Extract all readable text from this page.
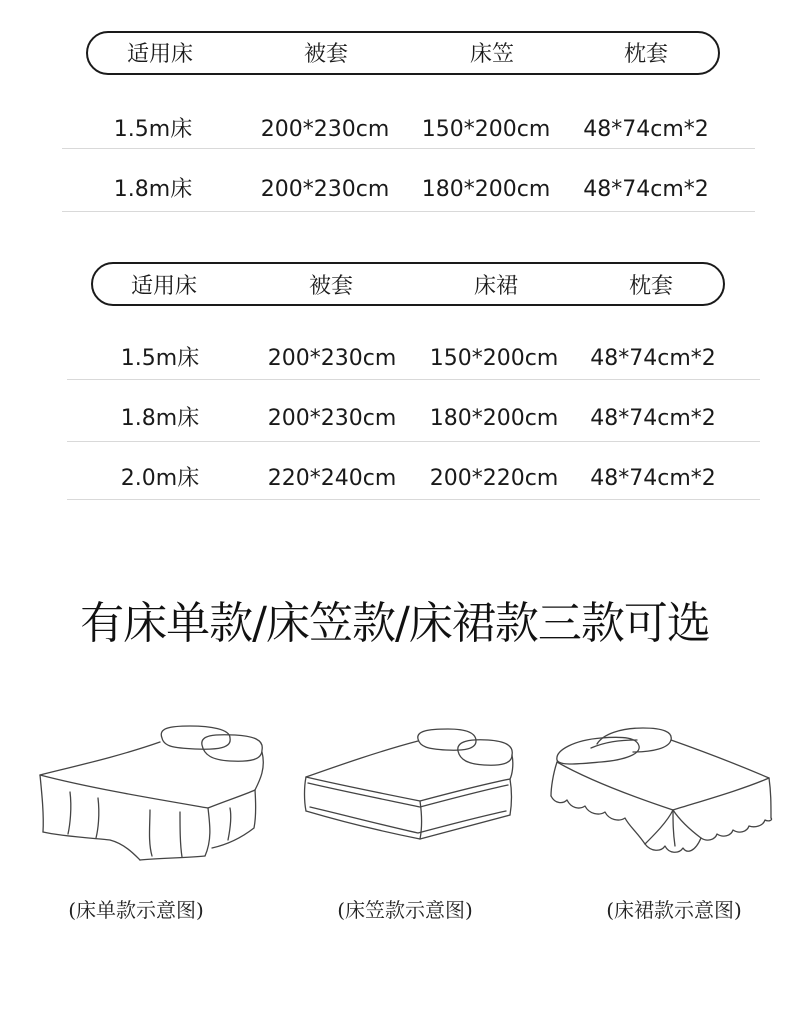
适用床	被套	床笠	枕套
1.5m床	200*230cm 150*200cm 48*74cm*2
1.8m床	200*230cm 180*200cm 48*74cm*2
适用床	被套	床裙	枕套
1.5m床	200*230cm 150*200cm 48*74cm*2
1.8m床	200*230cm 180*200cm 48*74cm*2
2.0m床	220*240cm 200*220cm 48*74cm*2
有床单款/床笠款/床裙款三款可选
(床单款示意图)	(床笠款示意图)	(床裙款示意图)
